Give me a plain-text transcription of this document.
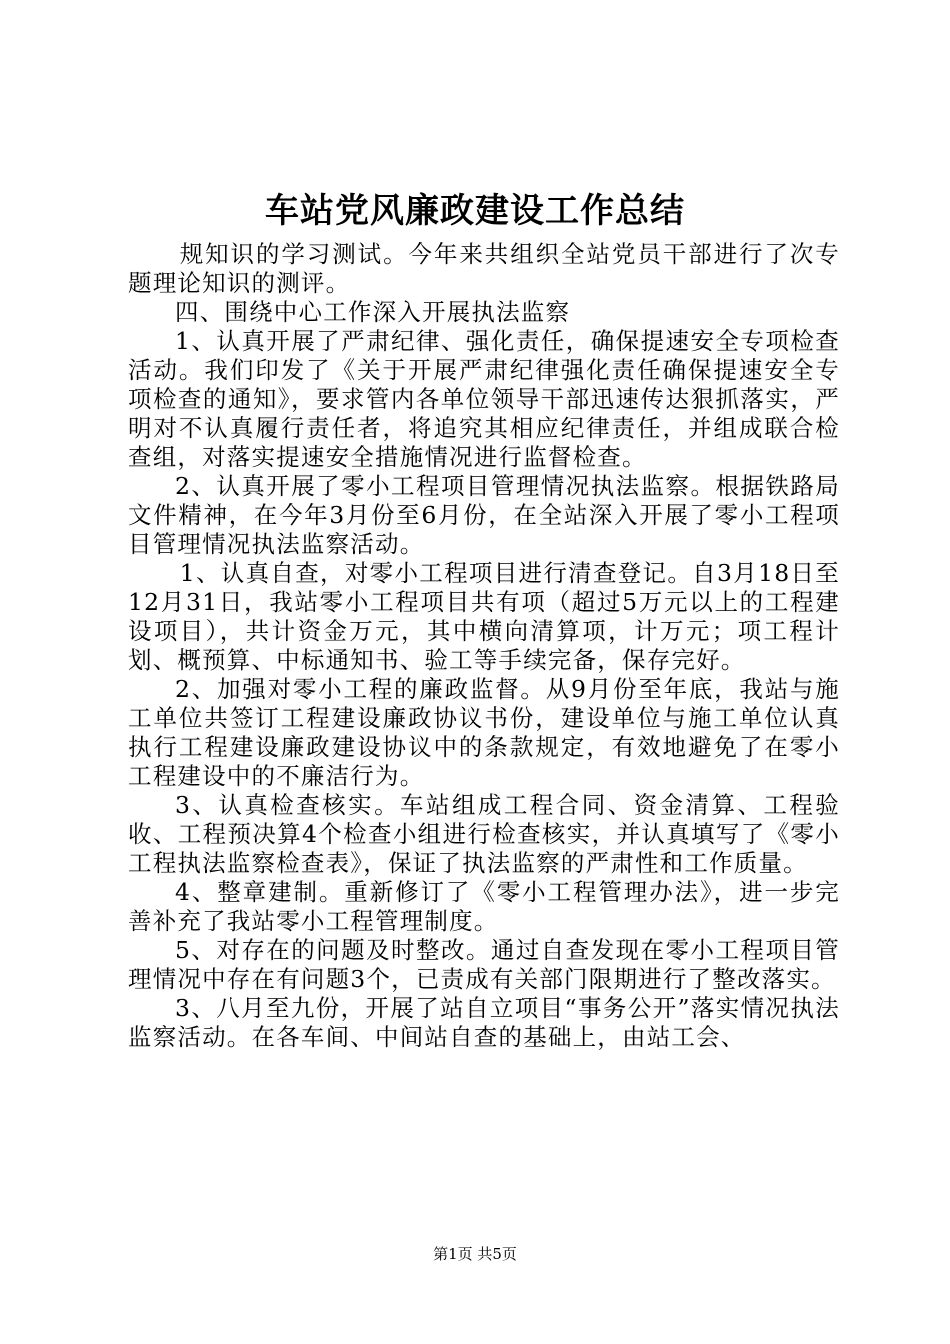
车站党风廉政建设工作总结

规知识的学习测试。今年来共组织全站党员干部进行了次专题理论知识的测评。

四、围绕中心工作深入开展执法监察

1、认真开展了严肃纪律、强化责任，确保提速安全专项检查活动。我们印发了《关于开展严肃纪律强化责任确保提速安全专项检查的通知》，要求管内各单位领导干部迅速传达狠抓落实，严明对不认真履行责任者，将追究其相应纪律责任，并组成联合检查组，对落实提速安全措施情况进行监督检查。

2、认真开展了零小工程项目管理情况执法监察。根据铁路局文件精神，在今年3月份至6月份，在全站深入开展了零小工程项目管理情况执法监察活动。

1、认真自查，对零小工程项目进行清查登记。自3月18日至12月31日，我站零小工程项目共有项（超过5万元以上的工程建设项目），共计资金万元，其中横向清算项，计万元；项工程计划、概预算、中标通知书、验工等手续完备，保存完好。

2、加强对零小工程的廉政监督。从9月份至年底，我站与施工单位共签订工程建设廉政协议书份，建设单位与施工单位认真执行工程建设廉政建设协议中的条款规定，有效地避免了在零小工程建设中的不廉洁行为。

3、认真检查核实。车站组成工程合同、资金清算、工程验收、工程预决算4个检查小组进行检查核实，并认真填写了《零小工程执法监察检查表》，保证了执法监察的严肃性和工作质量。

4、整章建制。重新修订了《零小工程管理办法》，进一步完善补充了我站零小工程管理制度。

5、对存在的问题及时整改。通过自查发现在零小工程项目管理情况中存在有问题3个，已责成有关部门限期进行了整改落实。

3、八月至九份，开展了站自立项目“事务公开”落实情况执法监察活动。在各车间、中间站自查的基础上，由站工会、

第1页 共5页
